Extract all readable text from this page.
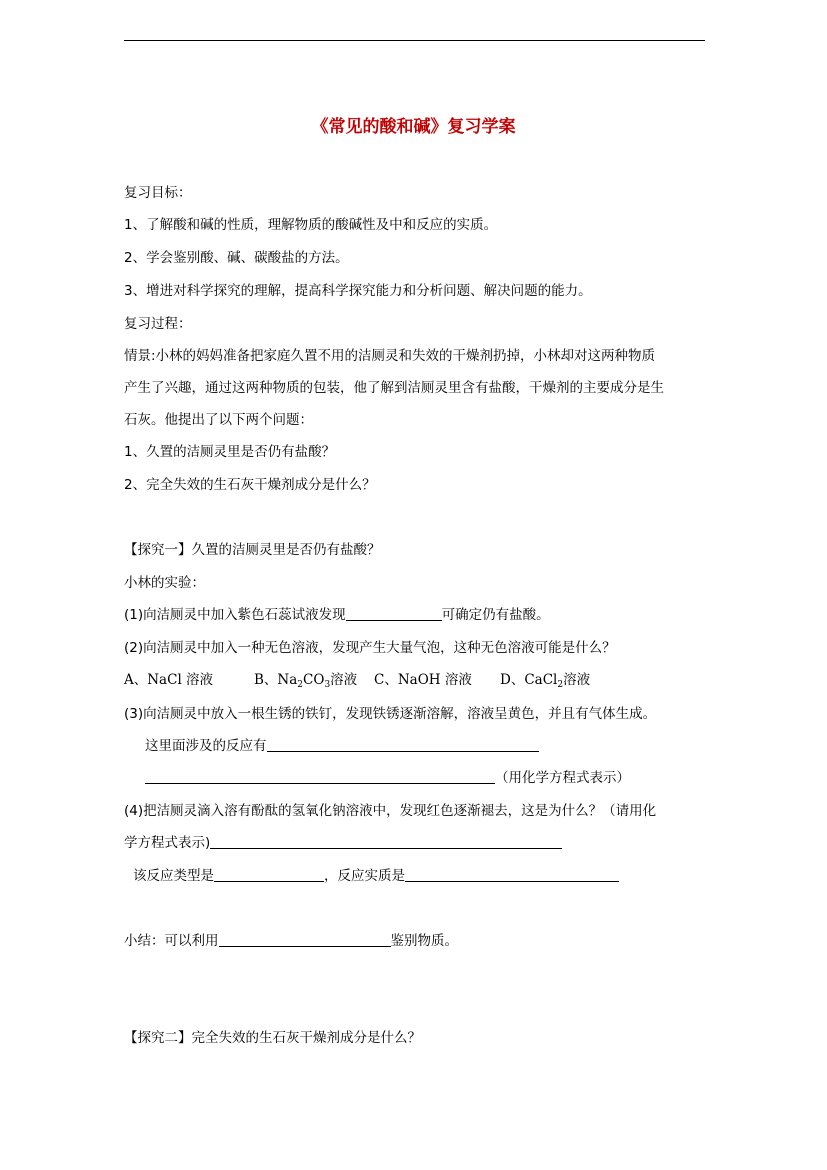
《常见的酸和碱》复习学案
复习目标：
1、了解酸和碱的性质，理解物质的酸碱性及中和反应的实质。
2、学会鉴别酸、碱、碳酸盐的方法。
3、增进对科学探究的理解，提高科学探究能力和分析问题、解决问题的能力。
复习过程：
情景:小林的妈妈准备把家庭久置不用的洁厕灵和失效的干燥剂扔掉，小林却对这两种物质
产生了兴趣，通过这两种物质的包装，他了解到洁厕灵里含有盐酸，干燥剂的主要成分是生
石灰。他提出了以下两个问题：
1、久置的洁厕灵里是否仍有盐酸？
2、完全失效的生石灰干燥剂成分是什么？
【探究一】久置的洁厕灵里是否仍有盐酸？
小林的实验：
(1)向洁厕灵中加入紫色石蕊试液发现	可确定仍有盐酸。
(2)向洁厕灵中加入一种无色溶液，发现产生大量气泡，这种无色溶液可能是什么？
A、NaCl 溶液	B、$Na_2CO_3$溶液 C、NaOH 溶液 D、CaCl$_2$溶液
(3)向洁厕灵中放入一根生锈的铁钉，发现铁锈逐渐溶解，溶液呈黄色，并且有气体生成。
这里面涉及的反应有
（用化学方程式表示）
(4)把洁厕灵滴入溶有酚酞的氢氧化钠溶液中，发现红色逐渐褪去，这是为什么？（请用化
学方程式表示)
该反应类型是	，反应实质是
小结：可以利用	鉴别物质。
【探究二】完全失效的生石灰干燥剂成分是什么？
